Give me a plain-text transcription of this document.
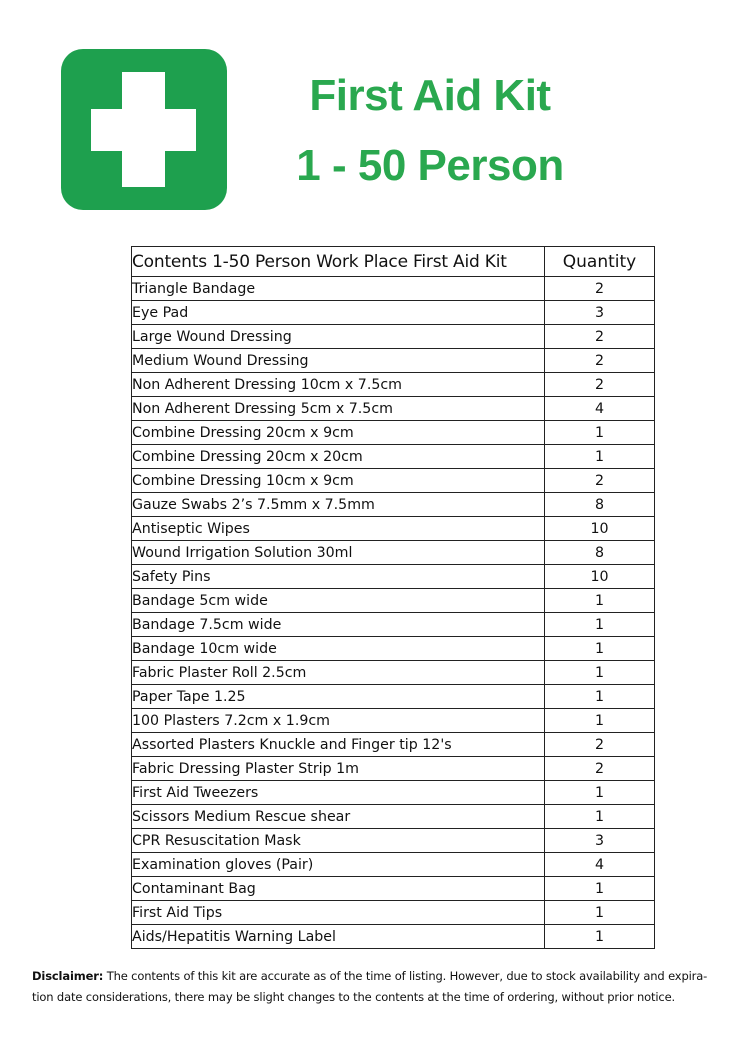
First Aid Kit
1 - 50 Person
Contents 1-50 Person Work Place First Aid Kit	Quantity
Triangle Bandage	2
Eye Pad	3
Large Wound Dressing	2
Medium Wound Dressing	2
Non Adherent Dressing 10cm x 7.5cm	2
Non Adherent Dressing 5cm x 7.5cm	4
Combine Dressing 20cm x 9cm	1
Combine Dressing 20cm x 20cm	1
Combine Dressing 10cm x 9cm	2
Gauze Swabs 2’s 7.5mm x 7.5mm	8
Antiseptic Wipes	10
Wound Irrigation Solution 30ml	8
Safety Pins	10
Bandage 5cm wide	1
Bandage 7.5cm wide	1
Bandage 10cm wide	1
Fabric Plaster Roll 2.5cm	1
Paper Tape 1.25	1
100 Plasters 7.2cm x 1.9cm	1
Assorted Plasters Knuckle and Finger tip 12's	2
Fabric Dressing Plaster Strip 1m	2
First Aid Tweezers	1
Scissors Medium Rescue shear	1
CPR Resuscitation Mask	3
Examination gloves (Pair)	4
Contaminant Bag	1
First Aid Tips	1
Aids/Hepatitis Warning Label	1

Disclaimer: The contents of this kit are accurate as of the time of listing. However, due to stock availability and expira-tion date considerations, there may be slight changes to the contents at the time of ordering, without prior notice.
